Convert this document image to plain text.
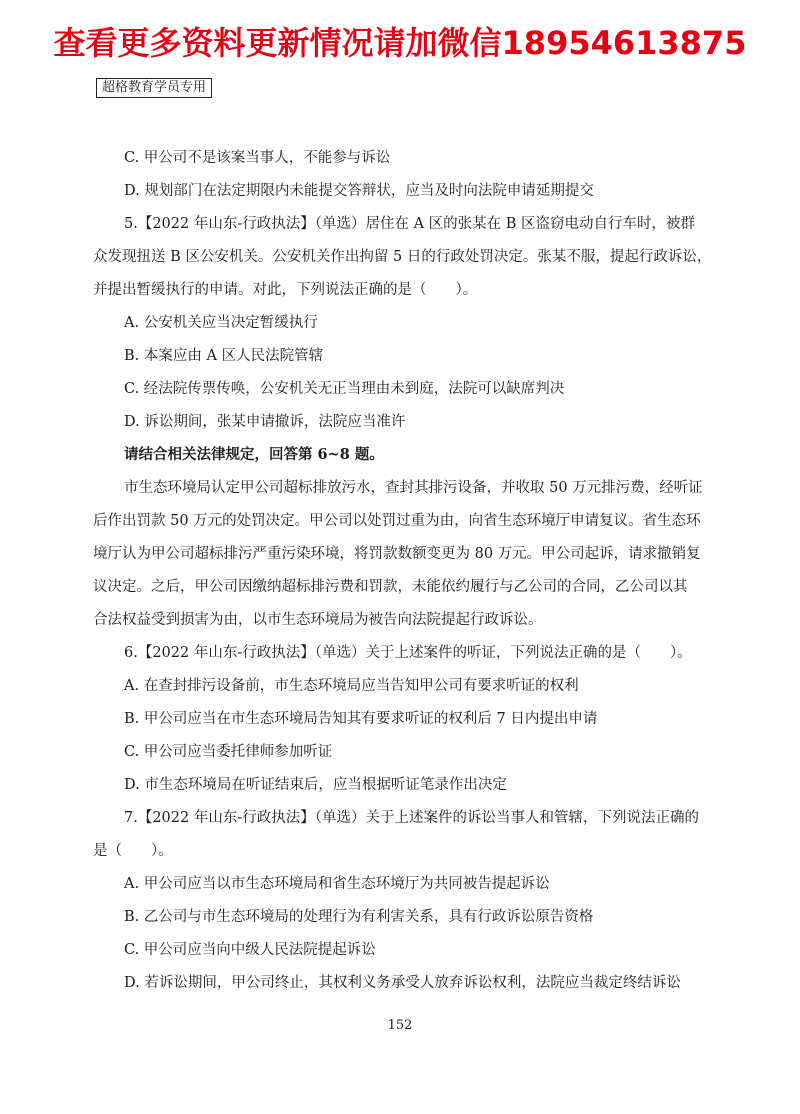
查看更多资料更新情况请加微信18954613875
超格教育学员专用
C. 甲公司不是该案当事人，不能参与诉讼
D. 规划部门在法定期限内未能提交答辩状，应当及时向法院申请延期提交
5.【2022 年山东-行政执法】（单选）居住在 A 区的张某在 B 区盗窃电动自行车时，被群
众发现扭送 B 区公安机关。公安机关作出拘留 5 日的行政处罚决定。张某不服，提起行政诉讼，
并提出暂缓执行的申请。对此，下列说法正确的是（　　）。
A. 公安机关应当决定暂缓执行
B. 本案应由 A 区人民法院管辖
C. 经法院传票传唤，公安机关无正当理由未到庭，法院可以缺席判决
D. 诉讼期间，张某申请撤诉，法院应当准许
请结合相关法律规定，回答第 6~8 题。
市生态环境局认定甲公司超标排放污水，查封其排污设备，并收取 50 万元排污费，经听证
后作出罚款 50 万元的处罚决定。甲公司以处罚过重为由，向省生态环境厅申请复议。省生态环
境厅认为甲公司超标排污严重污染环境，将罚款数额变更为 80 万元。甲公司起诉，请求撤销复
议决定。之后，甲公司因缴纳超标排污费和罚款，未能依约履行与乙公司的合同，乙公司以其
合法权益受到损害为由，以市生态环境局为被告向法院提起行政诉讼。
6.【2022 年山东-行政执法】（单选）关于上述案件的听证，下列说法正确的是（　　）。
A. 在查封排污设备前，市生态环境局应当告知甲公司有要求听证的权利
B. 甲公司应当在市生态环境局告知其有要求听证的权利后 7 日内提出申请
C. 甲公司应当委托律师参加听证
D. 市生态环境局在听证结束后，应当根据听证笔录作出决定
7.【2022 年山东-行政执法】（单选）关于上述案件的诉讼当事人和管辖，下列说法正确的
是（　　）。
A. 甲公司应当以市生态环境局和省生态环境厅为共同被告提起诉讼
B. 乙公司与市生态环境局的处理行为有利害关系，具有行政诉讼原告资格
C. 甲公司应当向中级人民法院提起诉讼
D. 若诉讼期间，甲公司终止，其权利义务承受人放弃诉讼权利，法院应当裁定终结诉讼
152
